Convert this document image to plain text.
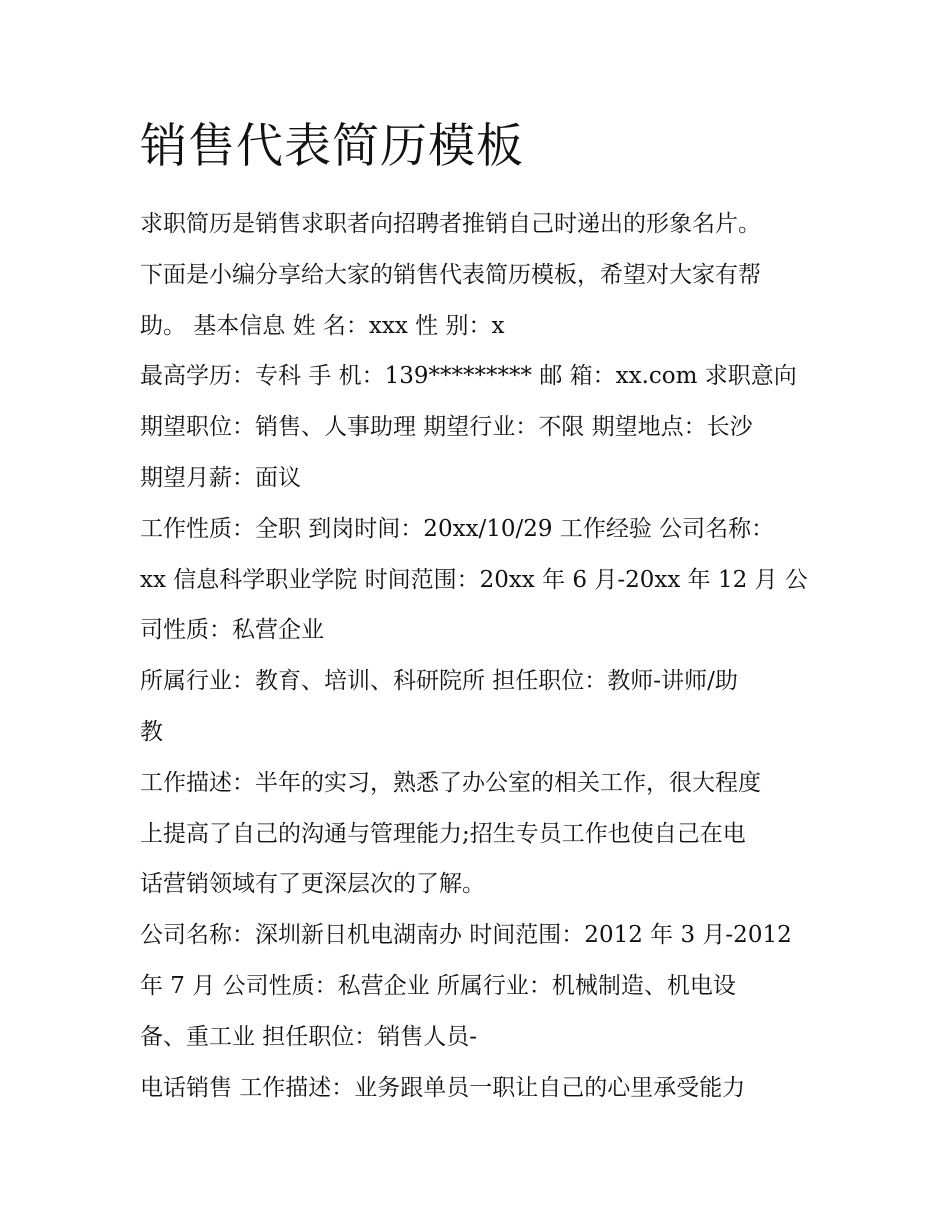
销售代表简历模板

求职简历是销售求职者向招聘者推销自己时递出的形象名片。

下面是小编分享给大家的销售代表简历模板，希望对大家有帮

助。 基本信息 姓 名：xxx 性 别：x

最高学历：专科 手 机：139********* 邮 箱：xx.com 求职意向

期望职位：销售、人事助理 期望行业：不限 期望地点：长沙

期望月薪：面议

工作性质：全职 到岗时间：20xx/10/29 工作经验 公司名称：

xx 信息科学职业学院 时间范围：20xx 年 6 月-20xx 年 12 月 公

司性质：私营企业

所属行业：教育、培训、科研院所 担任职位：教师-讲师/助

教

工作描述：半年的实习，熟悉了办公室的相关工作，很大程度

上提高了自己的沟通与管理能力;招生专员工作也使自己在电

话营销领域有了更深层次的了解。

公司名称：深圳新日机电湖南办 时间范围：2012 年 3 月-2012

年 7 月 公司性质：私营企业 所属行业：机械制造、机电设

备、重工业 担任职位：销售人员-

电话销售 工作描述：业务跟单员一职让自己的心里承受能力
